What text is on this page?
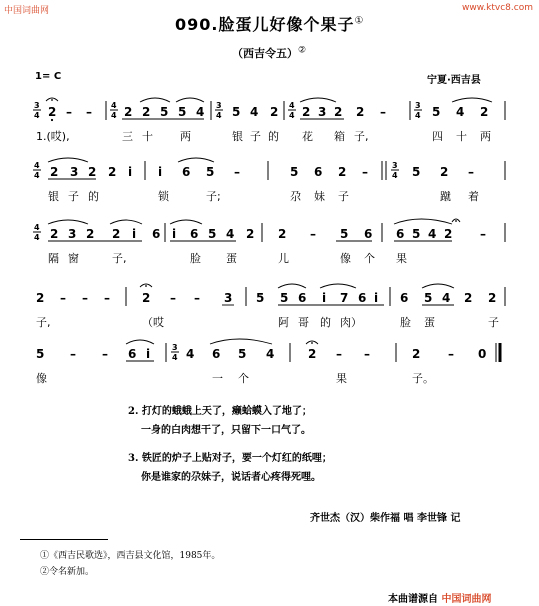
中国词曲网	www.ktvc8.com
090.脸蛋儿好像个果子①
（西吉令五）②
1= C	宁夏·西吉县
3
4 2 – – 4
4 2 2 5 5 4 3
4 5 4 2 4
4 2 3 2 2 –	3
4 5 4 2
4
4 2 3 2 2 i i 6 5 –	5 6 2 –	3
4 5 2 –
4
4 2 3 2 2 i 6 i 6 5 4 2 2 – 5 6 6 5 4 2 –
2 – – –	2 – – 3 5 5 6 i 7 6 i 6 5 4 2 2
5 – – 6 i	3
4 4 6 5 4	2 – –	2 – 0
1.(哎),	三 十 两	银 子 的 花 箱 子,	四 十 两
银 子 的	锁	子;	尕 妹 子	蹴 着
隔 窗	子,	脸 蛋	儿	像 个 果
子,	（哎	阿 哥 的 肉）	脸 蛋	子
像	一 个	果	子。
2. 打灯的蛾蛾上天了，癞蛤蟆入了地了；
一身的白肉想干了，只留下一口气了。
3. 铁匠的炉子上贴对子，要一个灯红的纸哩；
你是谁家的尕妹子，说话者心疼得死哩。
齐世杰（汉）柴作福 唱 李世锋 记
①《西吉民歌选》，西吉县文化馆，1985年。
②令名新加。
本曲谱源自 中国词曲网
